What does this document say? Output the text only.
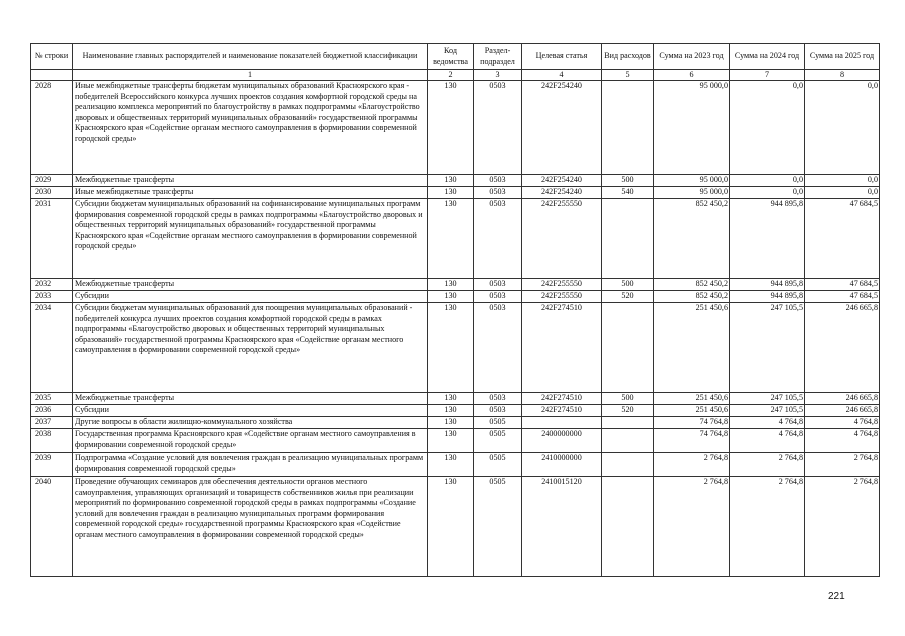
№ строки	Наименование главных распорядителей и наименование показателей бюджетной классификации	Код ведомства	Раздел-подраздел	Целевая статья	Вид расходов	Сумма на 2023 год	Сумма на 2024 год	Сумма на 2025 год
	1	2	3	4	5	6	7	8
2028	Иные межбюджетные трансферты бюджетам муниципальных образований Красноярского края - победителей Всероссийского конкурса лучших проектов создания комфортной городской среды на реализацию комплекса мероприятий по благоустройству в рамках подпрограммы «Благоустройство дворовых и общественных территорий муниципальных образований» государственной программы Красноярского края «Содействие органам местного самоуправления в формировании современной городской среды»	130	0503	242F254240		95 000,0	0,0	0,0
2029	Межбюджетные трансферты	130	0503	242F254240	500	95 000,0	0,0	0,0
2030	Иные межбюджетные трансферты	130	0503	242F254240	540	95 000,0	0,0	0,0
2031	Субсидии бюджетам муниципальных образований на софинансирование муниципальных программ формирования современной городской среды в рамках подпрограммы «Благоустройство дворовых и общественных территорий муниципальных образований» государственной программы Красноярского края «Содействие органам местного самоуправления в формировании современной городской среды»	130	0503	242F255550		852 450,2	944 895,8	47 684,5
2032	Межбюджетные трансферты	130	0503	242F255550	500	852 450,2	944 895,8	47 684,5
2033	Субсидии	130	0503	242F255550	520	852 450,2	944 895,8	47 684,5
2034	Субсидии бюджетам муниципальных образований для поощрения муниципальных образований - победителей конкурса лучших проектов создания комфортной городской среды в рамках подпрограммы «Благоустройство дворовых и общественных территорий муниципальных образований» государственной программы Красноярского края «Содействие органам местного самоуправления в формировании современной городской среды»	130	0503	242F274510		251 450,6	247 105,5	246 665,8
2035	Межбюджетные трансферты	130	0503	242F274510	500	251 450,6	247 105,5	246 665,8
2036	Субсидии	130	0503	242F274510	520	251 450,6	247 105,5	246 665,8
2037	Другие вопросы в области жилищно-коммунального хозяйства	130	0505			74 764,8	4 764,8	4 764,8
2038	Государственная программа Красноярского края «Содействие органам местного самоуправления в формировании современной городской среды»	130	0505	2400000000		74 764,8	4 764,8	4 764,8
2039	Подпрограмма «Создание условий для вовлечения граждан в реализацию муниципальных программ формирования современной городской среды»	130	0505	2410000000		2 764,8	2 764,8	2 764,8
2040	Проведение обучающих семинаров для обеспечения деятельности органов местного самоуправления, управляющих организаций и товариществ собственников жилья при реализации мероприятий по формированию современной городской среды в рамках подпрограммы «Создание условий для вовлечения граждан в реализацию муниципальных программ формирования современной городской среды» государственной программы Красноярского края «Содействие органам местного самоуправления в формировании современной городской среды»	130	0505	2410015120		2 764,8	2 764,8	2 764,8
221
